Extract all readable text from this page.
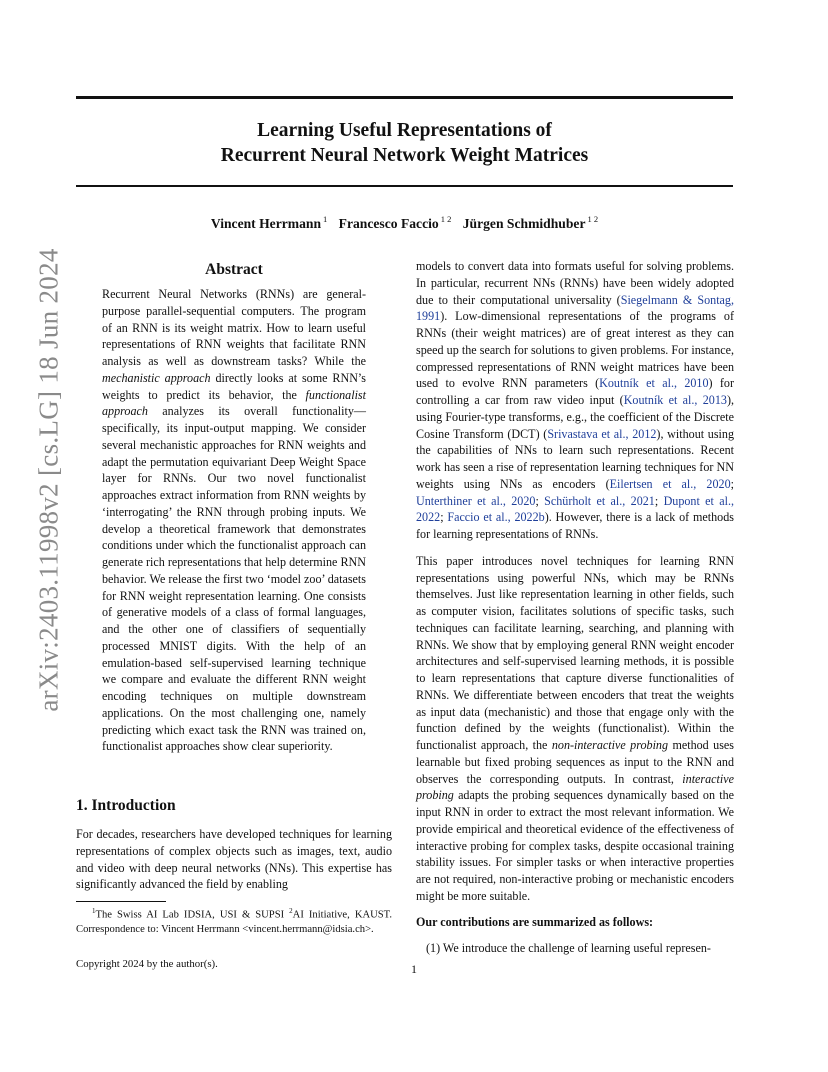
Learning Useful Representations of
Recurrent Neural Network Weight Matrices
Vincent Herrmann $^1$ Francesco Faccio $^{1 2}$ Jürgen Schmidhuber $^{1 2}$
arXiv:2403.11998v2 [cs.LG] 18 Jun 2024	Abstract

Recurrent Neural Networks (RNNs) are general-purpose parallel-sequential computers. The program of an RNN is its weight matrix. How to learn useful representations of RNN weights that facilitate RNN analysis as well as downstream tasks? While the mechanistic approach directly looks at some RNN’s weights to predict its behavior, the functionalist approach analyzes its overall functionality—specifically, its input-output mapping. We consider several mechanistic approaches for RNN weights and adapt the permutation equivariant Deep Weight Space layer for RNNs. Our two novel functionalist approaches extract information from RNN weights by ‘interrogating’ the RNN through probing inputs. We develop a theoretical framework that demonstrates conditions under which the functionalist approach can generate rich representations that help determine RNN behavior. We release the first two ‘model zoo’ datasets for RNN weight representation learning. One consists of generative models of a class of formal languages, and the other one of classifiers of sequentially processed MNIST digits. With the help of an emulation-based self-supervised learning technique we compare and evaluate the different RNN weight encoding techniques on multiple downstream applications. On the most challenging one, namely predicting which exact task the RNN was trained on, functionalist approaches show clear superiority.

1. Introduction

For decades, researchers have developed techniques for learning representations of complex objects such as images, text, audio and video with deep neural networks (NNs). This expertise has significantly advanced the field by enabling

$^1$The Swiss AI Lab IDSIA, USI & SUPSI $^2$AI Initiative, KAUST. Correspondence to: Vincent Herrmann <vincent.herrmann@idsia.ch>.

Copyright 2024 by the author(s).

models to convert data into formats useful for solving problems. In particular, recurrent NNs (RNNs) have been widely adopted due to their computational universality (Siegelmann & Sontag, 1991). Low-dimensional representations of the programs of RNNs (their weight matrices) are of great interest as they can speed up the search for solutions to given problems. For instance, compressed representations of RNN weight matrices have been used to evolve RNN parameters (Koutník et al., 2010) for controlling a car from raw video input (Koutník et al., 2013), using Fourier-type transforms, e.g., the coefficient of the Discrete Cosine Transform (DCT) (Srivastava et al., 2012), without using the capabilities of NNs to learn such representations. Recent work has seen a rise of representation learning techniques for NN weights using NNs as encoders (Eilertsen et al., 2020; Unterthiner et al., 2020; Schürholt et al., 2021; Dupont et al., 2022; Faccio et al., 2022b). However, there is a lack of methods for learning representations of RNNs.

This paper introduces novel techniques for learning RNN representations using powerful NNs, which may be RNNs themselves. Just like representation learning in other fields, such as computer vision, facilitates solutions of specific tasks, such techniques can facilitate learning, searching, and planning with RNNs. We show that by employing general RNN weight encoder architectures and self-supervised learning methods, it is possible to learn representations that capture diverse functionalities of RNNs. We differentiate between encoders that treat the weights as input data (mechanistic) and those that engage only with the function defined by the weights (functionalist). Within the functionalist approach, the non-interactive probing method uses learnable but fixed probing sequences as input to the RNN and observes the corresponding outputs. In contrast, interactive probing adapts the probing sequences dynamically based on the input RNN in order to extract the most relevant information. We provide empirical and theoretical evidence of the effectiveness of interactive probing for complex tasks, despite occasional training stability issues. For simpler tasks or when interactive properties are not required, non-interactive probing or mechanistic encoders might be more suitable.

Our contributions are summarized as follows:
(1) We introduce the challenge of learning useful represen-
1
